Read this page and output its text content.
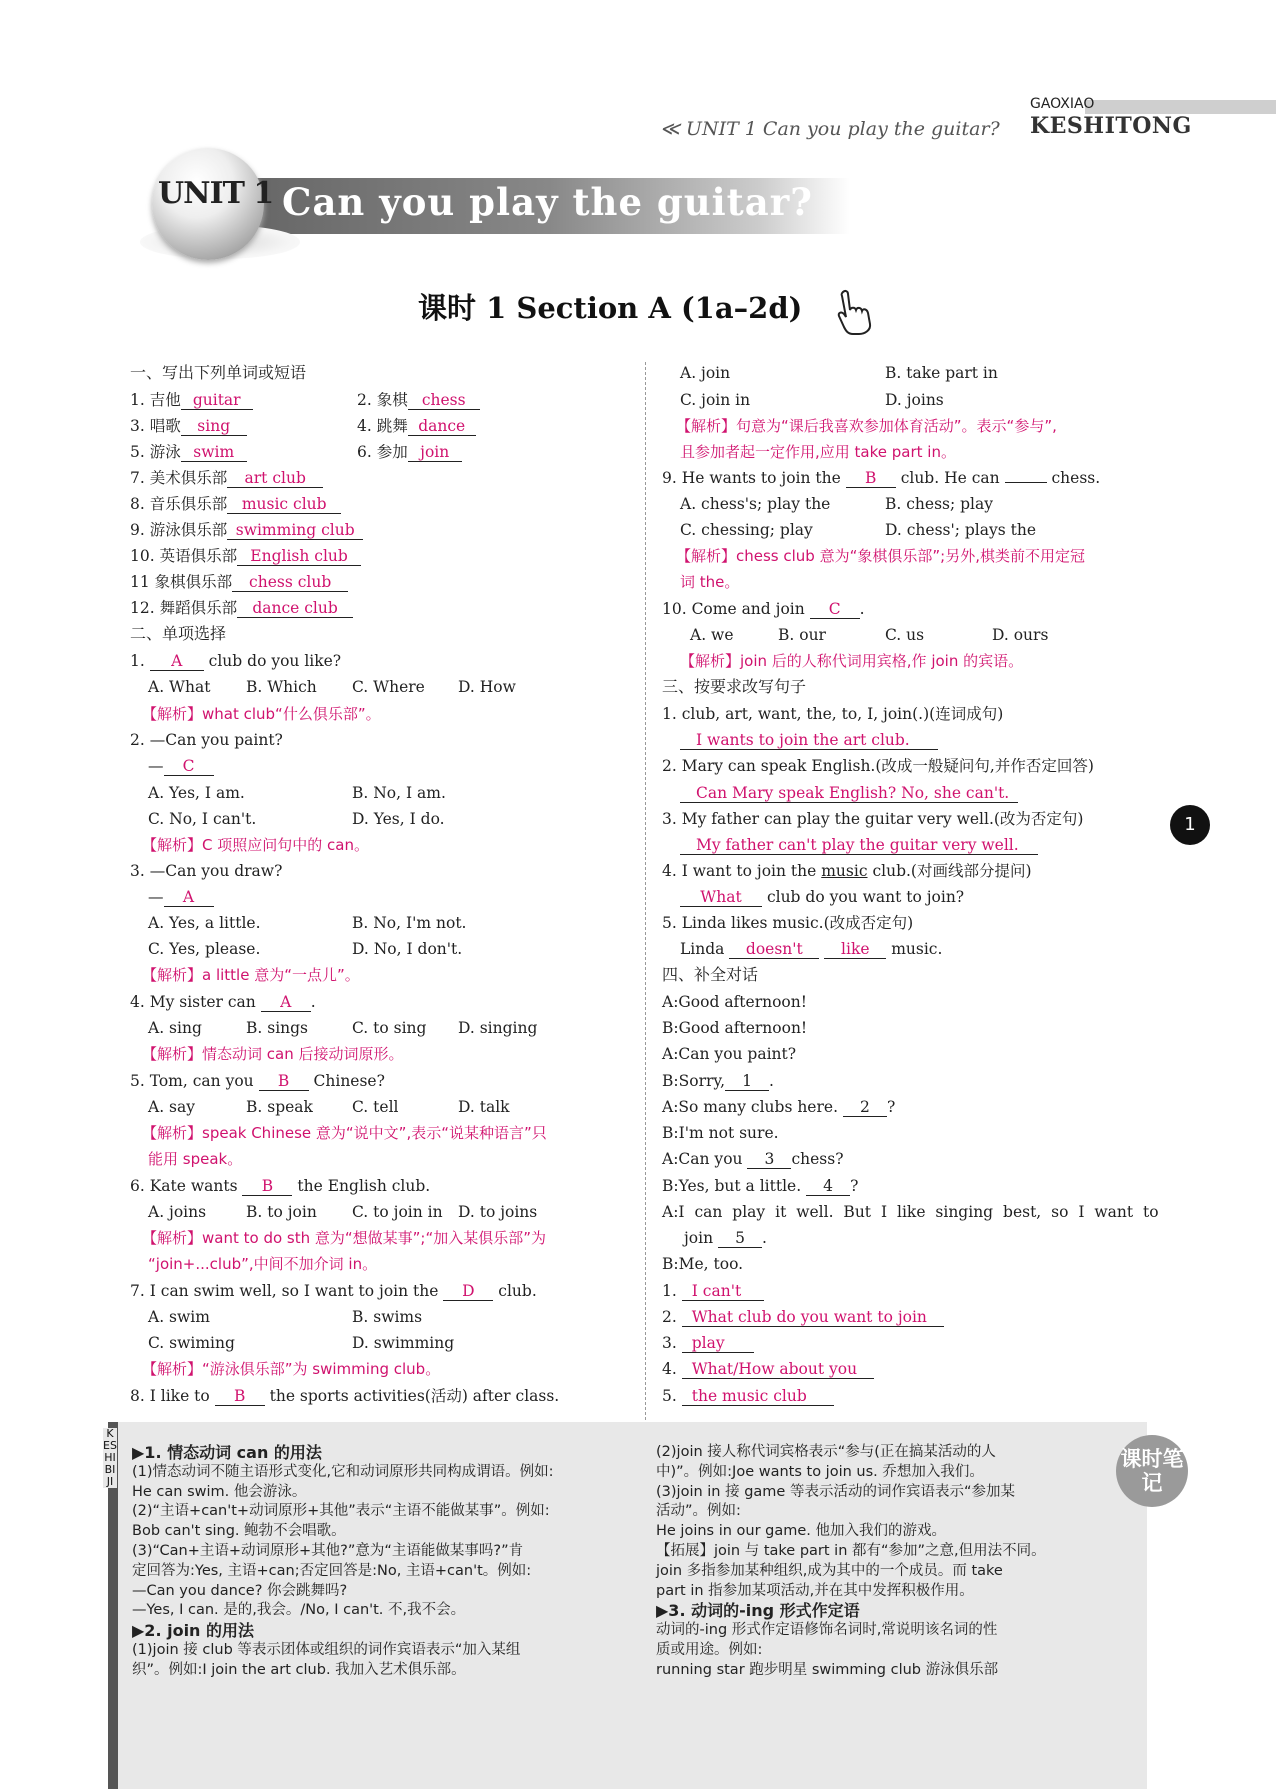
GAOXIAO
≪ UNIT 1 Can you play the guitar? KESHITONG
Can you play the guitar?
UNIT 1
课时 1 Section A (1a–2d)
1
一、写出下列单词或短语
1. 吉他 guitar	2. 象棋 chess
3. 唱歌 sing	4. 跳舞 dance
5. 游泳 swim	6. 参加 join
7. 美术俱乐部 art club
8. 音乐俱乐部 music club
9. 游泳俱乐部 swimming club
10. 英语俱乐部 English club
11 象棋俱乐部 chess club
12. 舞蹈俱乐部 dance club
二、单项选择
1. A club do you like?
A. What B. Which C. Where D. How
【解析】what club“什么俱乐部”。
2. —Can you paint?
— C
A. Yes, I am.	B. No, I am.
C. No, I can't.	D. Yes, I do.
【解析】C 项照应问句中的 can。
3. —Can you draw?
— A
A. Yes, a little.	B. No, I'm not.
C. Yes, please.	D. No, I don't.
【解析】a little 意为“一点儿”。
4. My sister can A .
A. sing	B. sings	C. to sing D. singing
【解析】情态动词 can 后接动词原形。
5. Tom, can you B Chinese?
A. say	B. speak	C. tell	D. talk
【解析】speak Chinese 意为“说中文”,表示“说某种语言”只
能用 speak。
6. Kate wants B the English club.
A. joins	B. to join C. to join in D. to joins
【解析】want to do sth 意为“想做某事”;“加入某俱乐部”为
“join+...club”,中间不加介词 in。
7. I can swim well, so I want to join the D club.
A. swim	B. swims
C. swiming	D. swimming
【解析】“游泳俱乐部”为 swimming club。
8. I like to B the sports activities(活动) after class.
A. join	B. take part in
C. join in	D. joins
【解析】句意为“课后我喜欢参加体育活动”。表示“参与”,
且参加者起一定作用,应用 take part in。
9. He wants to join the B club. He can	chess.
A. chess's; play the	B. chess; play
C. chessing; play	D. chess'; plays the
【解析】chess club 意为“象棋俱乐部”;另外,棋类前不用定冠
词 the。
10. Come and join C .
A. we	B. our	C. us	D. ours
【解析】join 后的人称代词用宾格,作 join 的宾语。
三、按要求改写句子
1. club, art, want, the, to, I, join(.)(连词成句)
I wants to join the art club.
2. Mary can speak English.(改成一般疑问句,并作否定回答)
Can Mary speak English? No, she can't.
3. My father can play the guitar very well.(改为否定句)
My father can't play the guitar very well.
4. I want to join the music club.(对画线部分提问)
What club do you want to join?
5. Linda likes music.(改成否定句)
Linda doesn't like music.
四、补全对话
A:Good afternoon!
B:Good afternoon!
A:Can you paint?
B:Sorry, 1 .
A:So many clubs here. 2 ?
B:I'm not sure.
A:Can you 3 chess?
B:Yes, but a little. 4 ?
A:I can play it well. But I like singing best, so I want to
join 5 .
B:Me, too.
1. I can't
2. What club do you want to join
3. play
4. What/How about you
5. the music club
KESHIBIJI
课时笔记
▶1. 情态动词 can 的用法
(1)情态动词不随主语形式变化,它和动词原形共同构成谓语。例如:
He can swim. 他会游泳。
(2)“主语+can't+动词原形+其他”表示“主语不能做某事”。例如:
Bob can't sing. 鲍勃不会唱歌。
(3)“Can+主语+动词原形+其他?”意为“主语能做某事吗?”肯
定回答为:Yes, 主语+can;否定回答是:No, 主语+can't。例如:
—Can you dance? 你会跳舞吗?
—Yes, I can. 是的,我会。/No, I can't. 不,我不会。
▶2. join 的用法
(1)join 接 club 等表示团体或组织的词作宾语表示“加入某组
织”。例如:I join the art club. 我加入艺术俱乐部。
(2)join 接人称代词宾格表示“参与(正在搞某活动的人
中)”。例如:Joe wants to join us. 乔想加入我们。
(3)join in 接 game 等表示活动的词作宾语表示“参加某
活动”。例如:
He joins in our game. 他加入我们的游戏。
【拓展】join 与 take part in 都有“参加”之意,但用法不同。
join 多指参加某种组织,成为其中的一个成员。而 take
part in 指参加某项活动,并在其中发挥积极作用。
▶3. 动词的-ing 形式作定语
动词的-ing 形式作定语修饰名词时,常说明该名词的性
质或用途。例如:
running star 跑步明星 swimming club 游泳俱乐部
